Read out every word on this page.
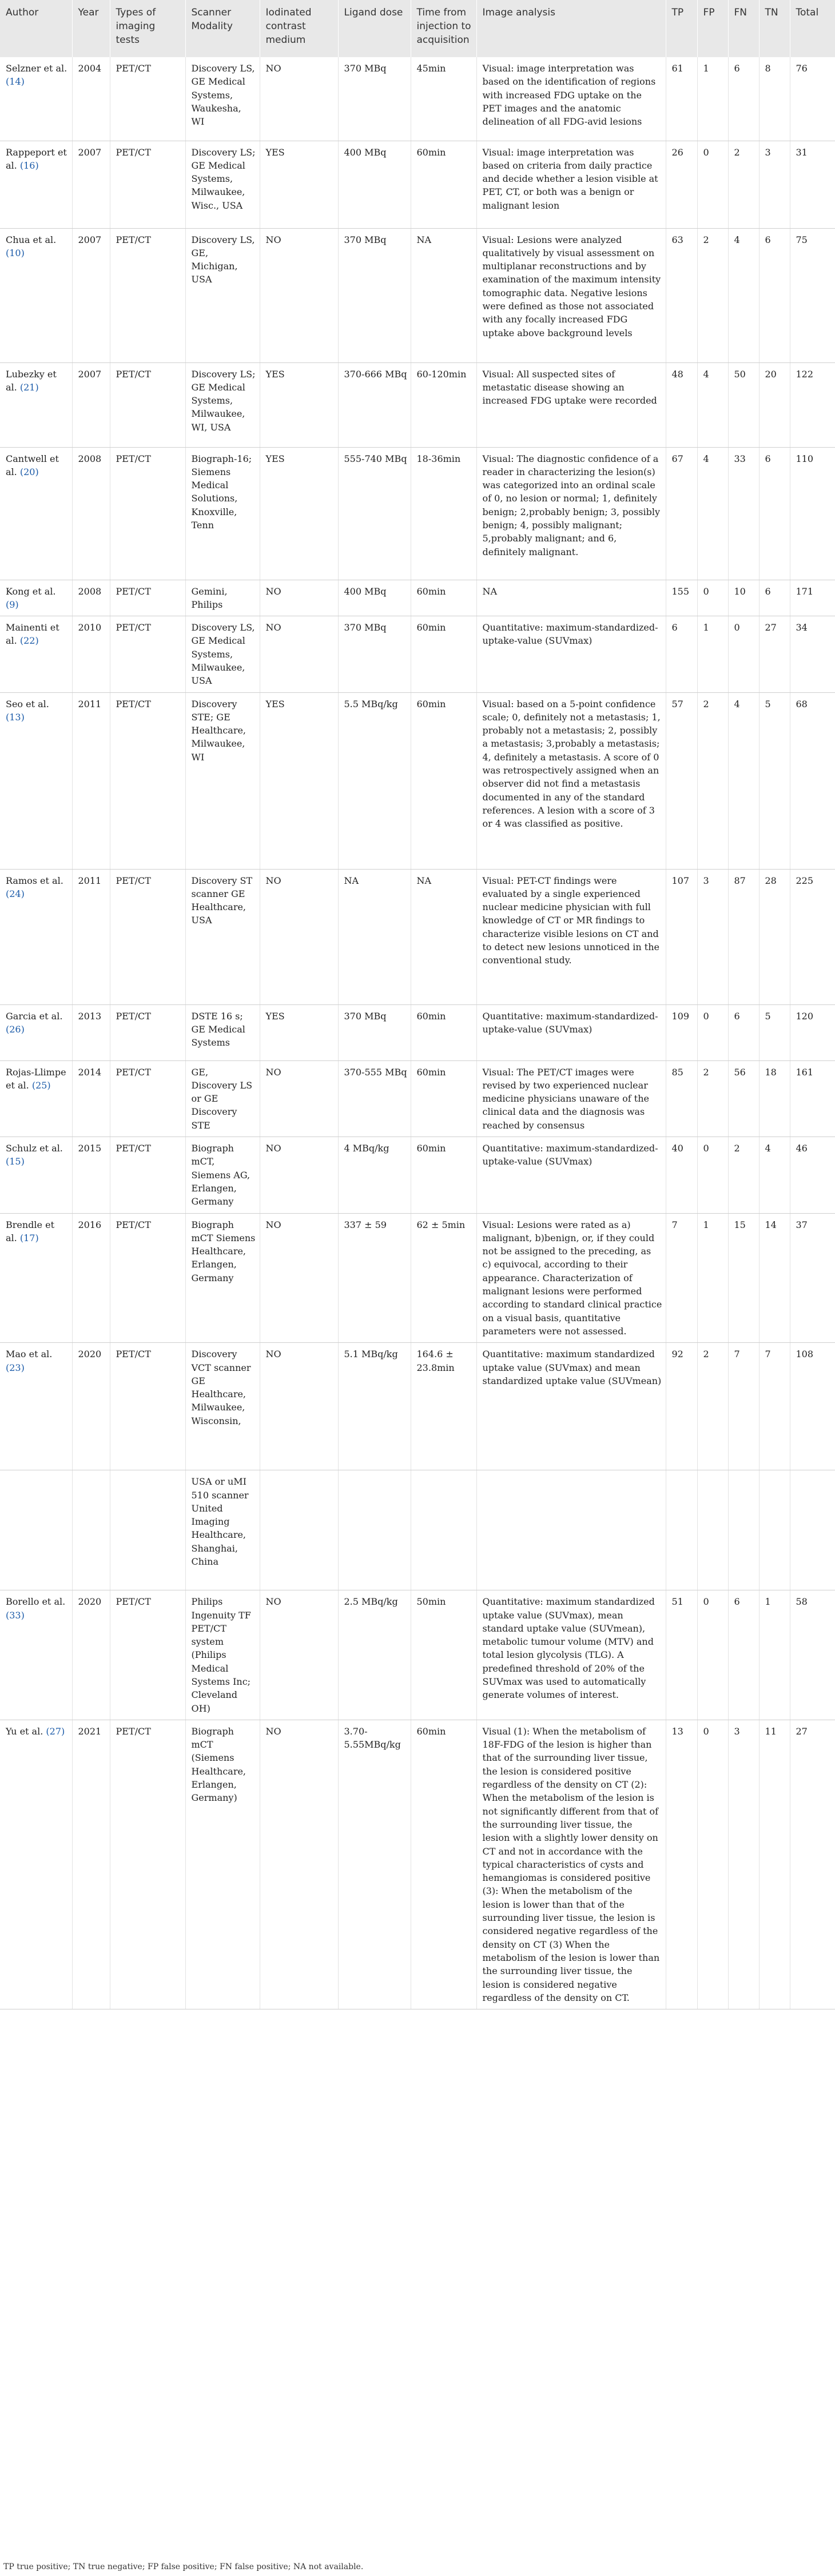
Author	Year	Types of imaging tests	Scanner Modality	Iodinated contrast medium	Ligand dose	Time from injection to acquisition	Image analysis	TP	FP	FN	TN	Total
Selzner et al. (14)	2004	PET/CT	Discovery LS, GE Medical Systems, Waukesha, WI	NO	370 MBq	45min	Visual: image interpretation was based on the identification of regions with increased FDG uptake on the PET images and the anatomic delineation of all FDG-avid lesions	61	1	6	8	76
Rappeport et al. (16)	2007	PET/CT	Discovery LS; GE Medical Systems, Milwaukee, Wisc., USA	YES	400 MBq	60min	Visual: image interpretation was based on criteria from daily practice and decide whether a lesion visible at PET, CT, or both was a benign or malignant lesion	26	0	2	3	31
Chua et al. (10)	2007	PET/CT	Discovery LS, GE, Michigan, USA	NO	370 MBq	NA	Visual: Lesions were analyzed qualitatively by visual assessment on multiplanar reconstructions and by examination of the maximum intensity tomographic data. Negative lesions were defined as those not associated with any focally increased FDG uptake above background levels	63	2	4	6	75
Lubezky et al. (21)	2007	PET/CT	Discovery LS; GE Medical Systems, Milwaukee, WI, USA	YES	370-666 MBq	60-120min	Visual: All suspected sites of metastatic disease showing an increased FDG uptake were recorded	48	4	50	20	122
Cantwell et al. (20)	2008	PET/CT	Biograph-16; Siemens Medical Solutions, Knoxville, Tenn	YES	555-740 MBq	18-36min	Visual: The diagnostic confidence of a reader in characterizing the lesion(s) was categorized into an ordinal scale of 0, no lesion or normal; 1, definitely benign; 2,probably benign; 3, possibly benign; 4, possibly malignant; 5,probably malignant; and 6, definitely malignant.	67	4	33	6	110
Kong et al. (9)	2008	PET/CT	Gemini, Philips	NO	400 MBq	60min	NA	155	0	10	6	171
Mainenti et al. (22)	2010	PET/CT	Discovery LS, GE Medical Systems, Milwaukee, USA	NO	370 MBq	60min	Quantitative: maximum-standardized-uptake-value (SUVmax)	6	1	0	27	34
Seo et al. (13)	2011	PET/CT	Discovery STE; GE Healthcare, Milwaukee, WI	YES	5.5 MBq/kg	60min	Visual: based on a 5-point confidence scale; 0, definitely not a metastasis; 1, probably not a metastasis; 2, possibly a metastasis; 3,probably a metastasis; 4, definitely a metastasis. A score of 0 was retrospectively assigned when an observer did not find a metastasis documented in any of the standard references. A lesion with a score of 3 or 4 was classified as positive.	57	2	4	5	68
Ramos et al. (24)	2011	PET/CT	Discovery ST scanner GE Healthcare, USA	NO	NA	NA	Visual: PET-CT findings were evaluated by a single experienced nuclear medicine physician with full knowledge of CT or MR findings to characterize visible lesions on CT and to detect new lesions unnoticed in the conventional study.	107	3	87	28	225
Garcia et al. (26)	2013	PET/CT	DSTE 16 s; GE Medical Systems	YES	370 MBq	60min	Quantitative: maximum-standardized-uptake-value (SUVmax)	109	0	6	5	120
Rojas-Llimpe et al. (25)	2014	PET/CT	GE, Discovery LS or GE Discovery STE	NO	370-555 MBq	60min	Visual: The PET/CT images were revised by two experienced nuclear medicine physicians unaware of the clinical data and the diagnosis was reached by consensus	85	2	56	18	161
Schulz et al. (15)	2015	PET/CT	Biograph mCT, Siemens AG, Erlangen, Germany	NO	4 MBq/kg	60min	Quantitative: maximum-standardized-uptake-value (SUVmax)	40	0	2	4	46
Brendle et al. (17)	2016	PET/CT	Biograph mCT Siemens Healthcare, Erlangen, Germany	NO	337 ± 59	62 ± 5min	Visual: Lesions were rated as a) malignant, b)benign, or, if they could not be assigned to the preceding, as c) equivocal, according to their appearance. Characterization of malignant lesions were performed according to standard clinical practice on a visual basis, quantitative parameters were not assessed.	7	1	15	14	37
Mao et al. (23)	2020	PET/CT	Discovery VCT scanner GE Healthcare, Milwaukee, Wisconsin,	NO	5.1 MBq/kg	164.6 ± 23.8min	Quantitative: maximum standardized uptake value (SUVmax) and mean standardized uptake value (SUVmean)	92	2	7	7	108
			USA or uMI 510 scanner United Imaging Healthcare, Shanghai, China									
Borello et al. (33)	2020	PET/CT	Philips Ingenuity TF PET/CT system (Philips Medical Systems Inc; Cleveland OH)	NO	2.5 MBq/kg	50min	Quantitative: maximum standardized uptake value (SUVmax), mean standard uptake value (SUVmean), metabolic tumour volume (MTV) and total lesion glycolysis (TLG). A predefined threshold of 20% of the SUVmax was used to automatically generate volumes of interest.	51	0	6	1	58
Yu et al. (27)	2021	PET/CT	Biograph mCT (Siemens Healthcare, Erlangen, Germany)	NO	3.70-5.55MBq/kg	60min	Visual (1): When the metabolism of 18F-FDG of the lesion is higher than that of the surrounding liver tissue, the lesion is considered positive regardless of the density on CT (2): When the metabolism of the lesion is not significantly different from that of the surrounding liver tissue, the lesion with a slightly lower density on CT and not in accordance with the typical characteristics of cysts and hemangiomas is considered positive (3): When the metabolism of the lesion is lower than that of the surrounding liver tissue, the lesion is considered negative regardless of the density on CT (3) When the metabolism of the lesion is lower than the surrounding liver tissue, the lesion is considered negative regardless of the density on CT.	13	0	3	11	27
TP true positive; TN true negative; FP false positive; FN false positive; NA not available.
